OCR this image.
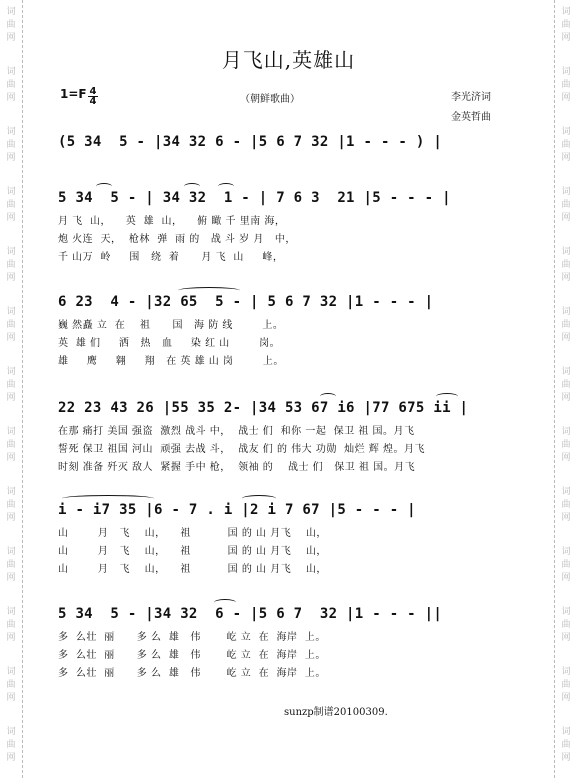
词
曲
网
词
曲
网
词
曲
网
词
曲
网
词
曲
网
词
曲
网
词
曲
网
词
曲
网
词
曲
网
词
曲
网
词
曲
网
词
曲
网
词
曲
网
词
曲
网
词
曲
网
词
曲
网
词
曲
网
词
曲
网
词
曲
网
词
曲
网
词
曲
网
词
曲
网
词
曲
网
词
曲
网
词
曲
网
词
曲
网
月飞山,英雄山
1=F 4
4	（朝鲜歌曲）	李光济词
金英哲曲
(5 34  5 - |34 32 6 - |5 6 7 32 |1 - - - ) |
5 34  5 - | 34 32  1 - | 7 6 3  21 |5 - - - |
月 飞  山，    英  雄  山，    俯 瞰 千 里南 海，
炮 火连  天，  枪林  弹  雨 的   战 斗 岁 月   中，
千 山万  岭     围   绕  着      月 飞  山     峰，
6 23  4 - |32 65  5 - | 5 6 7 32 |1 - - - |
巍 然矗 立  在    祖      国   海 防 线        上。
英  雄 们     洒   热   血     染 红 山        岗。
雄     鹰     翱     翔   在 英 雄 山 岗        上。
22 23 43 26 |55 35 2- |34 53 67 i6 |77 675 ii |
在那 痛打 美国 强盗  激烈 战斗 中，  战士 们  和你 一起  保卫 祖 国。月飞
誓死 保卫 祖国 河山  顽强 去战 斗，  战友 们 的 伟大 功勋  灿烂 辉 煌。月飞
时刻 准备 歼灭 敌人  紧握 手中 枪，  领袖 的    战士 们   保卫 祖 国。月飞
i - i7 35 |6 - 7 . i |2 i 7 67 |5 - - - |
山        月   飞    山，    祖          国 的 山 月飞    山，
山        月   飞    山，    祖          国 的 山 月飞    山，
山        月   飞    山，    祖          国 的 山 月飞    山，
5 34  5 - |34 32  6 - |5 6 7  32 |1 - - - ||
多  么壮  丽      多 么  雄   伟       屹 立  在  海岸  上。
多  么壮  丽      多 么  雄   伟       屹 立  在  海岸  上。
多  么壮  丽      多 么  雄   伟       屹 立  在  海岸  上。
sunzp制谱20100309.
